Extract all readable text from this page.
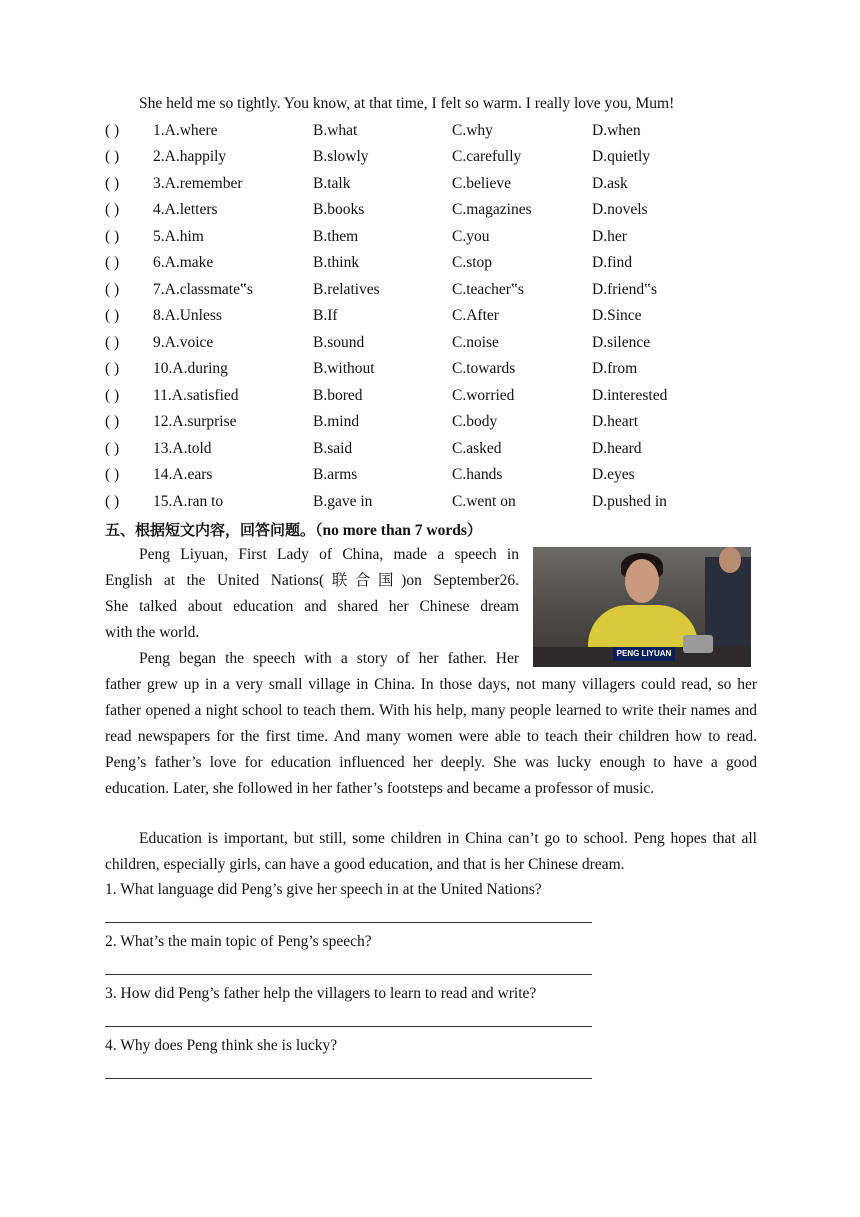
She held me so tightly. You know, at that time, I felt so warm. I really love you, Mum!
( ) 1.A.where	B.what	C.why	D.when
( ) 2.A.happily	B.slowly	C.carefully	D.quietly
( ) 3.A.remember	B.talk	C.believe	D.ask
( ) 4.A.letters	B.books	C.magazines	D.novels
( ) 5.A.him	B.them	C.you	D.her
( ) 6.A.make	B.think	C.stop	D.find
( ) 7.A.classmate‟s	B.relatives	C.teacher‟s	D.friend‟s
( ) 8.A.Unless	B.If	C.After	D.Since
( ) 9.A.voice	B.sound	C.noise	D.silence
( ) 10.A.during	B.without	C.towards	D.from
( ) 11.A.satisfied	B.bored	C.worried	D.interested
( ) 12.A.surprise	B.mind	C.body	D.heart
( ) 13.A.told	B.said	C.asked	D.heard
( ) 14.A.ears	B.arms	C.hands	D.eyes
( ) 15.A.ran to	B.gave in	C.went on	D.pushed in
五、根据短文内容，回答问题。（no more than 7 words）
Peng Liyuan, First Lady of China, made a speech in
English at the United Nations(联合国)on September26.
She talked about education and shared her Chinese dream
with the world.
PENG LIYUAN
Peng began the speech with a story of her father. Her
father grew up in a very small village in China. In those days, not many villagers could read, so her father opened a night school to teach them. With his help, many people learned to write their names and read newspapers for the first time. And many women were able to teach their children how to read. Peng’s father’s love for education influenced her deeply. She was lucky enough to have a good education. Later, she followed in her father’s footsteps and became a professor of music.
Education is important, but still, some children in China can’t go to school. Peng hopes that all children, especially girls, can have a good education, and that is her Chinese dream.
1. What language did Peng’s give her speech in at the United Nations?
2. What’s the main topic of Peng’s speech?
3. How did Peng’s father help the villagers to learn to read and write?
4. Why does Peng think she is lucky?
